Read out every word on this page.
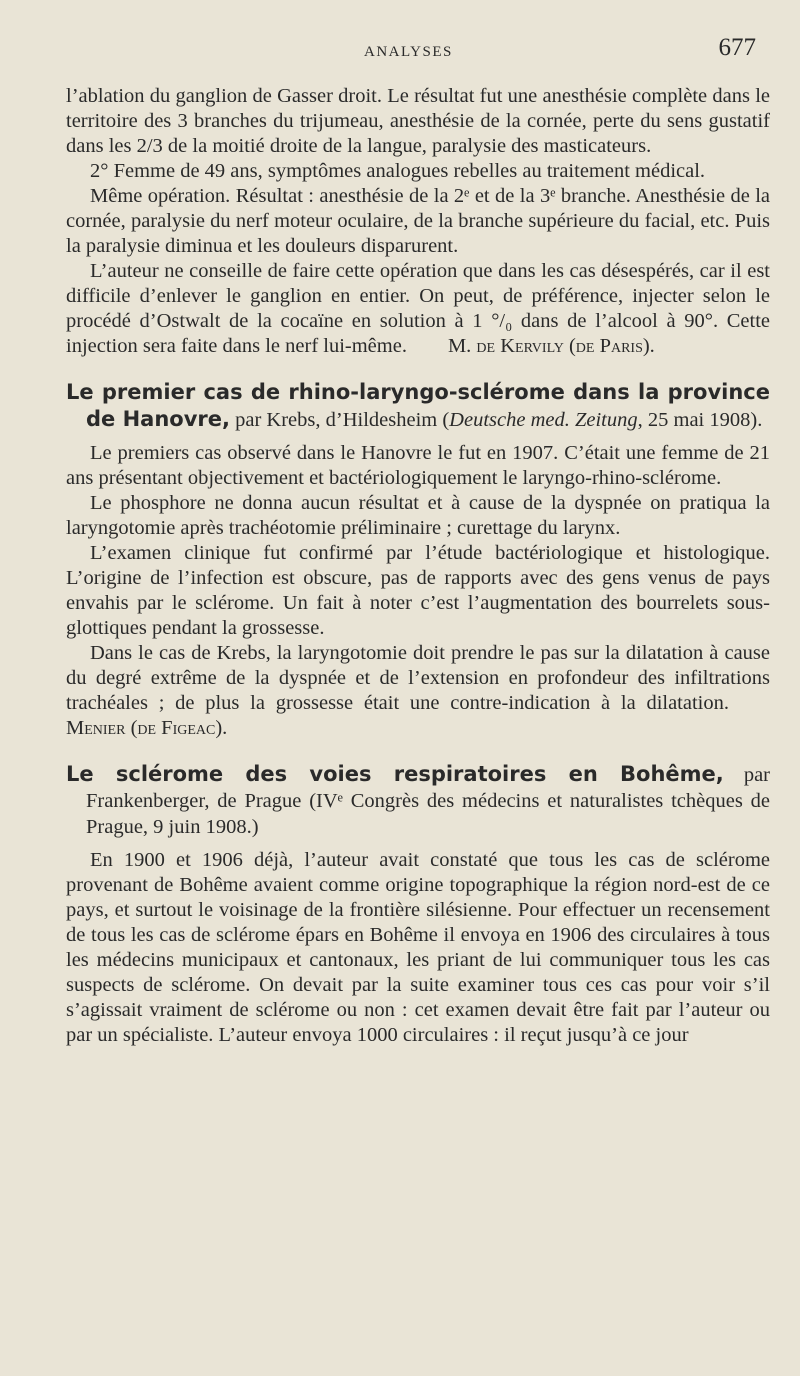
ANALYSES	677

l’ablation du ganglion de Gasser droit. Le résultat fut une anesthésie complète dans le territoire des 3 branches du trijumeau, anesthésie de la cornée, perte du sens gustatif dans les 2/3 de la moitié droite de la langue, paralysie des masticateurs.

2° Femme de 49 ans, symptômes analogues rebelles au traitement médical.

Même opération. Résultat : anesthésie de la 2ᵉ et de la 3ᵉ branche. Anesthésie de la cornée, paralysie du nerf moteur oculaire, de la branche supérieure du facial, etc. Puis la paralysie diminua et les douleurs disparurent.

L’auteur ne conseille de faire cette opération que dans les cas désespérés, car il est difficile d’enlever le ganglion en entier. On peut, de préférence, injecter selon le procédé d’Ostwalt de la cocaïne en solution à 1 °/₀ dans de l’alcool à 90°. Cette injection sera faite dans le nerf lui-même.   M. de Kervily (de Paris).

Le premier cas de rhino-laryngo-sclérome dans la province de Hanovre, par Krebs, d’Hildesheim (Deutsche med. Zeitung, 25 mai 1908).

Le premiers cas observé dans le Hanovre le fut en 1907. C’était une femme de 21 ans présentant objectivement et bactériologiquement le laryngo-rhino-sclérome.

Le phosphore ne donna aucun résultat et à cause de la dyspnée on pratiqua la laryngotomie après trachéotomie préliminaire ; curettage du larynx.

L’examen clinique fut confirmé par l’étude bactériologique et histologique. L’origine de l’infection est obscure, pas de rapports avec des gens venus de pays envahis par le sclérome. Un fait à noter c’est l’augmentation des bourrelets sous-glottiques pendant la grossesse.

Dans le cas de Krebs, la laryngotomie doit prendre le pas sur la dilatation à cause du degré extrême de la dyspnée et de l’extension en profondeur des infiltrations trachéales ; de plus la grossesse était une contre-indication à la dilatation.  Menier (de Figeac).

Le sclérome des voies respiratoires en Bohême, par Frankenberger, de Prague (IVᵉ Congrès des médecins et naturalistes tchèques de Prague, 9 juin 1908.)

En 1900 et 1906 déjà, l’auteur avait constaté que tous les cas de sclérome provenant de Bohême avaient comme origine topographique la région nord-est de ce pays, et surtout le voisinage de la frontière silésienne. Pour effectuer un recensement de tous les cas de sclérome épars en Bohême il envoya en 1906 des circulaires à tous les médecins municipaux et cantonaux, les priant de lui communiquer tous les cas suspects de sclérome. On devait par la suite examiner tous ces cas pour voir s’il s’agissait vraiment de sclérome ou non : cet examen devait être fait par l’auteur ou par un spécialiste. L’auteur envoya 1000 circulaires : il reçut jusqu’à ce jour
